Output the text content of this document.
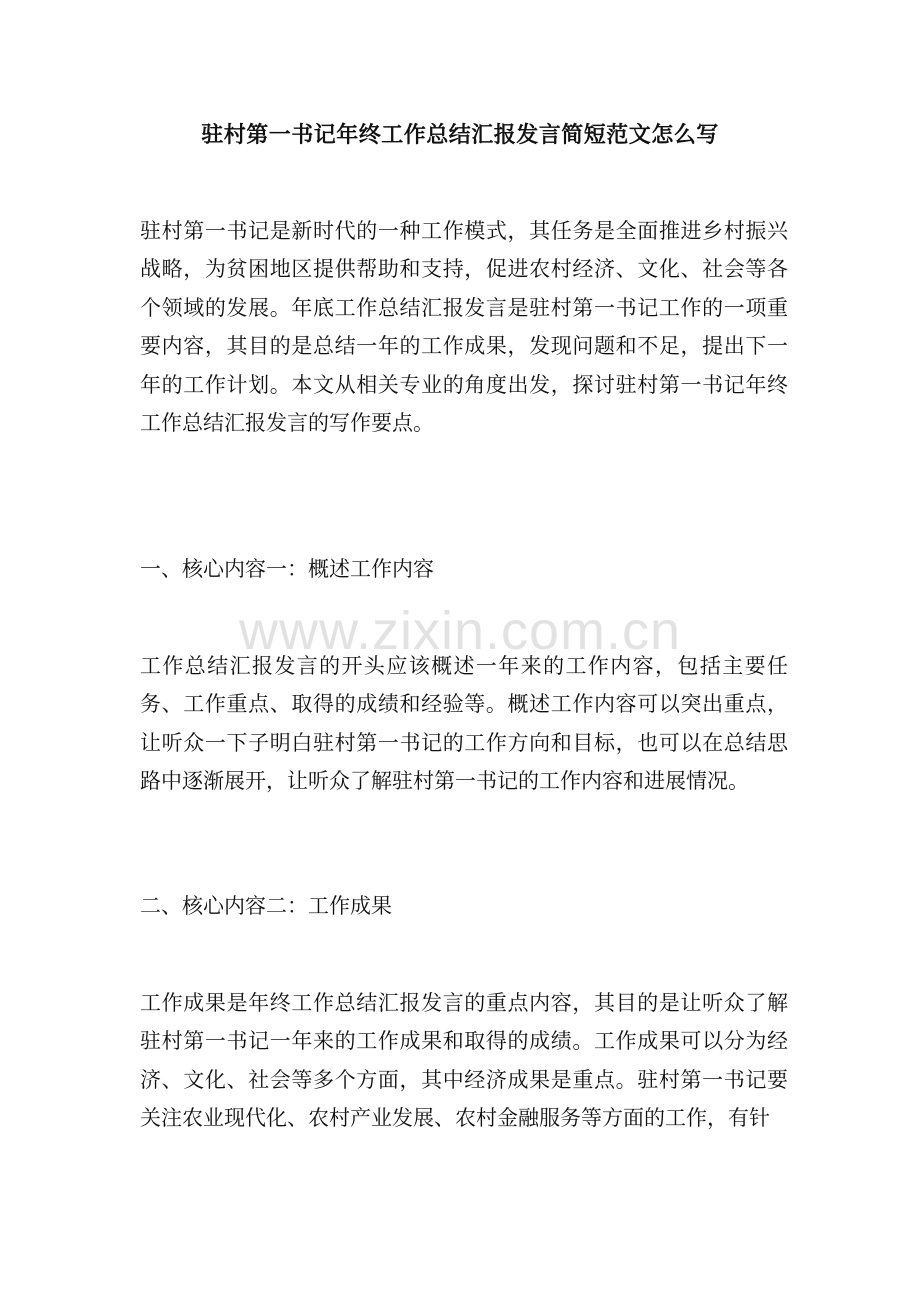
驻村第一书记年终工作总结汇报发言简短范文怎么写

驻村第一书记是新时代的一种工作模式，其任务是全面推进乡村振兴战略，为贫困地区提供帮助和支持，促进农村经济、文化、社会等各个领域的发展。年底工作总结汇报发言是驻村第一书记工作的一项重要内容，其目的是总结一年的工作成果，发现问题和不足，提出下一年的工作计划。本文从相关专业的角度出发，探讨驻村第一书记年终工作总结汇报发言的写作要点。

一、核心内容一：概述工作内容

工作总结汇报发言的开头应该概述一年来的工作内容，包括主要任务、工作重点、取得的成绩和经验等。概述工作内容可以突出重点，让听众一下子明白驻村第一书记的工作方向和目标，也可以在总结思路中逐渐展开，让听众了解驻村第一书记的工作内容和进展情况。

二、核心内容二：工作成果

工作成果是年终工作总结汇报发言的重点内容，其目的是让听众了解驻村第一书记一年来的工作成果和取得的成绩。工作成果可以分为经济、文化、社会等多个方面，其中经济成果是重点。驻村第一书记要关注农业现代化、农村产业发展、农村金融服务等方面的工作，有针

www.zixin.com.cn
